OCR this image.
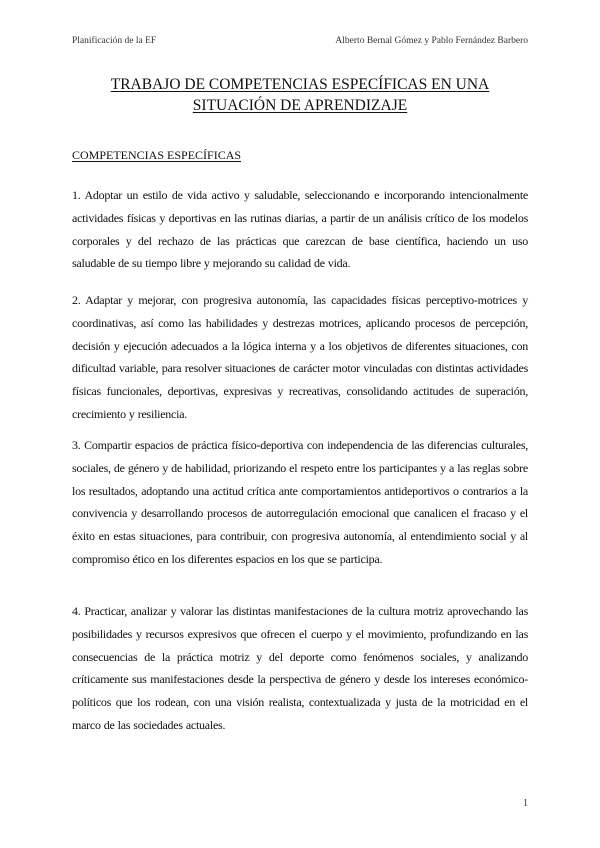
Planificación de la EF	Alberto Bernal Gómez y Pablo Fernández Barbero
TRABAJO DE COMPETENCIAS ESPECÍFICAS EN UNA SITUACIÓN DE APRENDIZAJE
COMPETENCIAS ESPECÍFICAS

1. Adoptar un estilo de vida activo y saludable, seleccionando e incorporando intencionalmente actividades físicas y deportivas en las rutinas diarias, a partir de un análisis crítico de los modelos corporales y del rechazo de las prácticas que carezcan de base científica, haciendo un uso saludable de su tiempo libre y mejorando su calidad de vida.

2. Adaptar y mejorar, con progresiva autonomía, las capacidades físicas perceptivo-motrices y coordinativas, así como las habilidades y destrezas motrices, aplicando procesos de percepción, decisión y ejecución adecuados a la lógica interna y a los objetivos de diferentes situaciones, con dificultad variable, para resolver situaciones de carácter motor vinculadas con distintas actividades físicas funcionales, deportivas, expresivas y recreativas, consolidando actitudes de superación, crecimiento y resiliencia.

3. Compartir espacios de práctica físico-deportiva con independencia de las diferencias culturales, sociales, de género y de habilidad, priorizando el respeto entre los participantes y a las reglas sobre los resultados, adoptando una actitud crítica ante comportamientos antideportivos o contrarios a la convivencia y desarrollando procesos de autorregulación emocional que canalicen el fracaso y el éxito en estas situaciones, para contribuir, con progresiva autonomía, al entendimiento social y al compromiso ético en los diferentes espacios en los que se participa.

4. Practicar, analizar y valorar las distintas manifestaciones de la cultura motriz aprovechando las posibilidades y recursos expresivos que ofrecen el cuerpo y el movimiento, profundizando en las consecuencias de la práctica motriz y del deporte como fenómenos sociales, y analizando críticamente sus manifestaciones desde la perspectiva de género y desde los intereses económico-políticos que los rodean, con una visión realista, contextualizada y justa de la motricidad en el marco de las sociedades actuales.

1
